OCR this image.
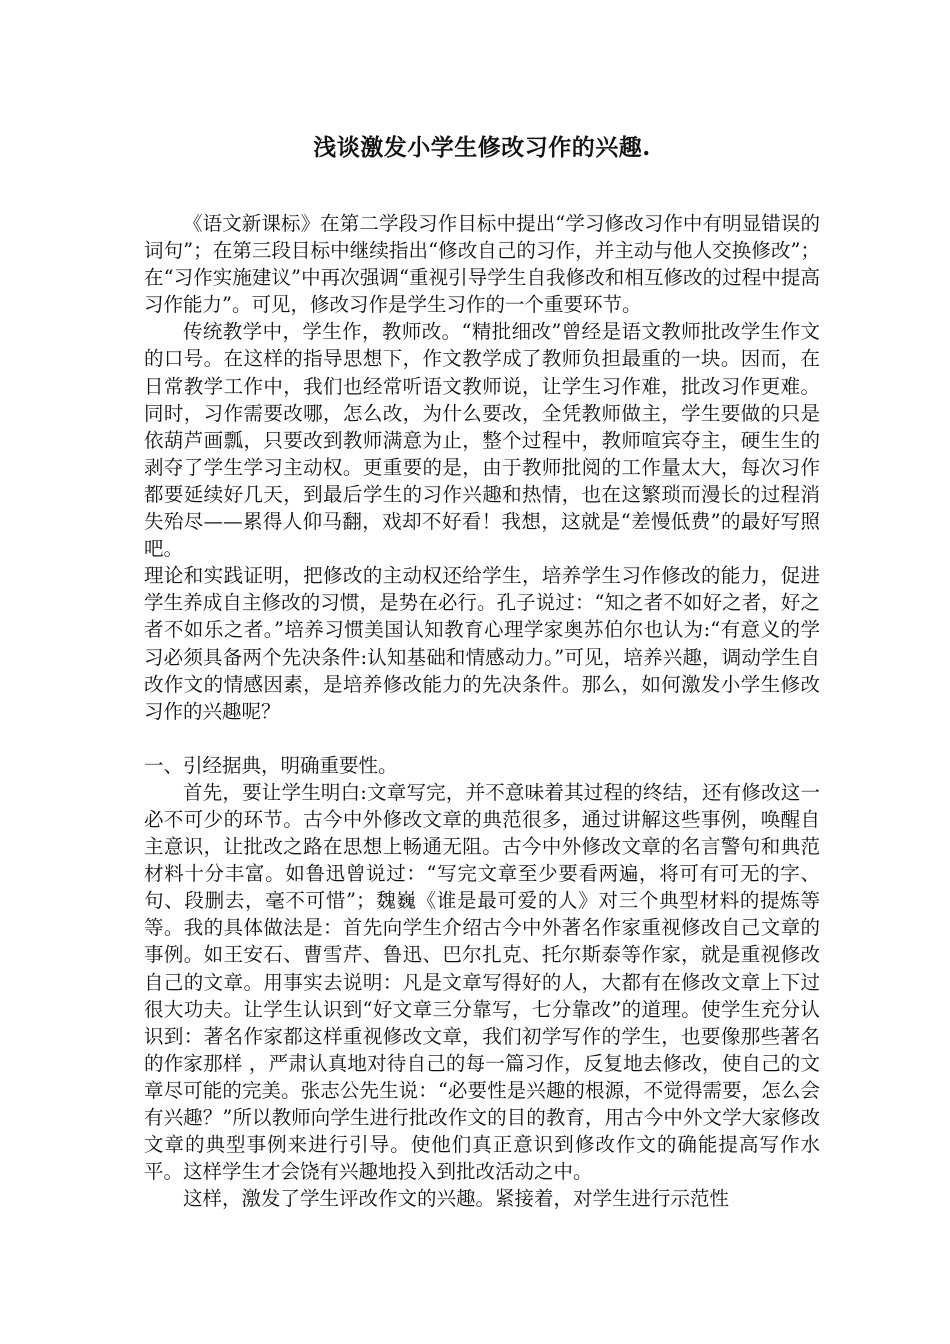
浅谈激发小学生修改习作的兴趣.

《语文新课标》在第二学段习作目标中提出“学习修改习作中有明显错误的词句”；在第三段目标中继续指出“修改自己的习作，并主动与他人交换修改”；在“习作实施建议”中再次强调“重视引导学生自我修改和相互修改的过程中提高习作能力”。可见，修改习作是学生习作的一个重要环节。

传统教学中，学生作，教师改。“精批细改”曾经是语文教师批改学生作文的口号。在这样的指导思想下，作文教学成了教师负担最重的一块。因而，在日常教学工作中，我们也经常听语文教师说，让学生习作难，批改习作更难。同时，习作需要改哪，怎么改，为什么要改，全凭教师做主，学生要做的只是依葫芦画瓢，只要改到教师满意为止，整个过程中，教师喧宾夺主，硬生生的剥夺了学生学习主动权。更重要的是，由于教师批阅的工作量太大，每次习作都要延续好几天，到最后学生的习作兴趣和热情，也在这繁琐而漫长的过程消失殆尽——累得人仰马翻，戏却不好看！我想，这就是“差慢低费”的最好写照吧。

理论和实践证明，把修改的主动权还给学生，培养学生习作修改的能力，促进学生养成自主修改的习惯，是势在必行。孔子说过：“知之者不如好之者，好之者不如乐之者。”培养习惯美国认知教育心理学家奥苏伯尔也认为:“有意义的学习必须具备两个先决条件:认知基础和情感动力。”可见，培养兴趣，调动学生自改作文的情感因素，是培养修改能力的先决条件。那么，如何激发小学生修改习作的兴趣呢？

一、引经据典，明确重要性。

首先，要让学生明白:文章写完，并不意味着其过程的终结，还有修改这一必不可少的环节。古今中外修改文章的典范很多，通过讲解这些事例，唤醒自主意识，让批改之路在思想上畅通无阻。古今中外修改文章的名言警句和典范材料十分丰富。如鲁迅曾说过：“写完文章至少要看两遍，将可有可无的字、句、段删去，毫不可惜”；魏巍《谁是最可爱的人》对三个典型材料的提炼等等。我的具体做法是：首先向学生介绍古今中外著名作家重视修改自己文章的事例。如王安石、曹雪芹、鲁迅、巴尔扎克、托尔斯泰等作家，就是重视修改自己的文章。用事实去说明：凡是文章写得好的人，大都有在修改文章上下过很大功夫。让学生认识到“好文章三分靠写，七分靠改”的道理。使学生充分认识到：著名作家都这样重视修改文章，我们初学写作的学生，也要像那些著名的作家那样 ，严肃认真地对待自己的每一篇习作，反复地去修改，使自己的文章尽可能的完美。张志公先生说：“必要性是兴趣的根源，不觉得需要，怎么会有兴趣？”所以教师向学生进行批改作文的目的教育，用古今中外文学大家修改文章的典型事例来进行引导。使他们真正意识到修改作文的确能提高写作水平。这样学生才会饶有兴趣地投入到批改活动之中。

这样，激发了学生评改作文的兴趣。紧接着，对学生进行示范性
